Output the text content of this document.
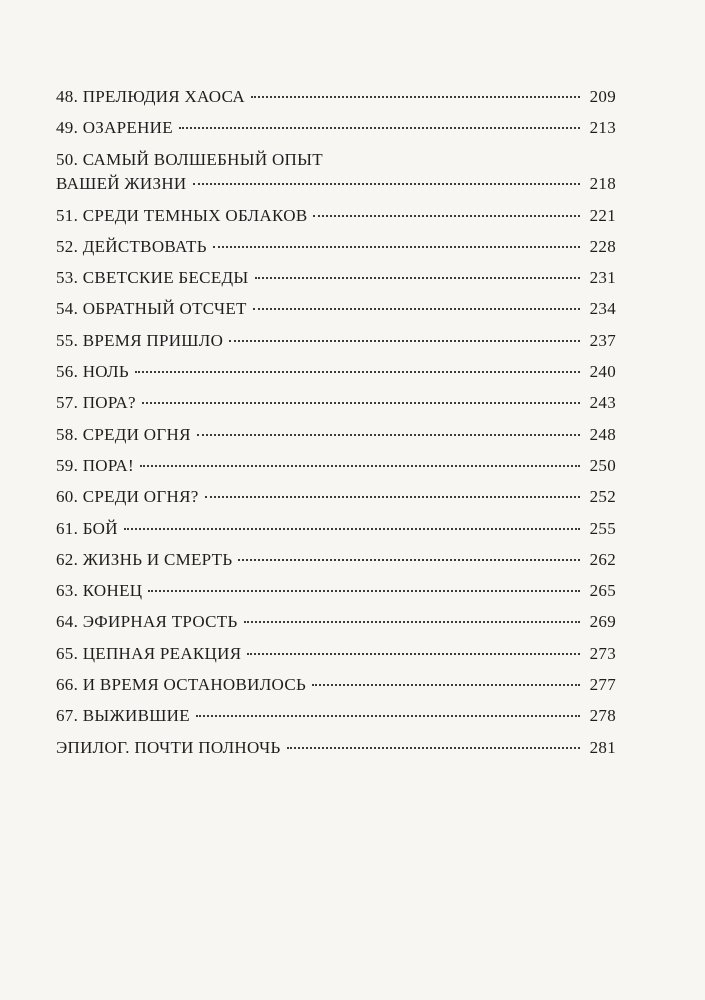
48. ПРЕЛЮДИЯ ХАОСА	209
49. ОЗАРЕНИЕ	213
50. САМЫЙ ВОЛШЕБНЫЙ ОПЫТ
ВАШЕЙ ЖИЗНИ	218
51. СРЕДИ ТЕМНЫХ ОБЛАКОВ	221
52. ДЕЙСТВОВАТЬ	228
53. СВЕТСКИЕ БЕСЕДЫ	231
54. ОБРАТНЫЙ ОТСЧЕТ	234
55. ВРЕМЯ ПРИШЛО	237
56. НОЛЬ	240
57. ПОРА?	243
58. СРЕДИ ОГНЯ	248
59. ПОРА!	250
60. СРЕДИ ОГНЯ?	252
61. БОЙ	255
62. ЖИЗНЬ И СМЕРТЬ	262
63. КОНЕЦ	265
64. ЭФИРНАЯ ТРОСТЬ	269
65. ЦЕПНАЯ РЕАКЦИЯ	273
66. И ВРЕМЯ ОСТАНОВИЛОСЬ	277
67. ВЫЖИВШИЕ	278
ЭПИЛОГ. ПОЧТИ ПОЛНОЧЬ	281
